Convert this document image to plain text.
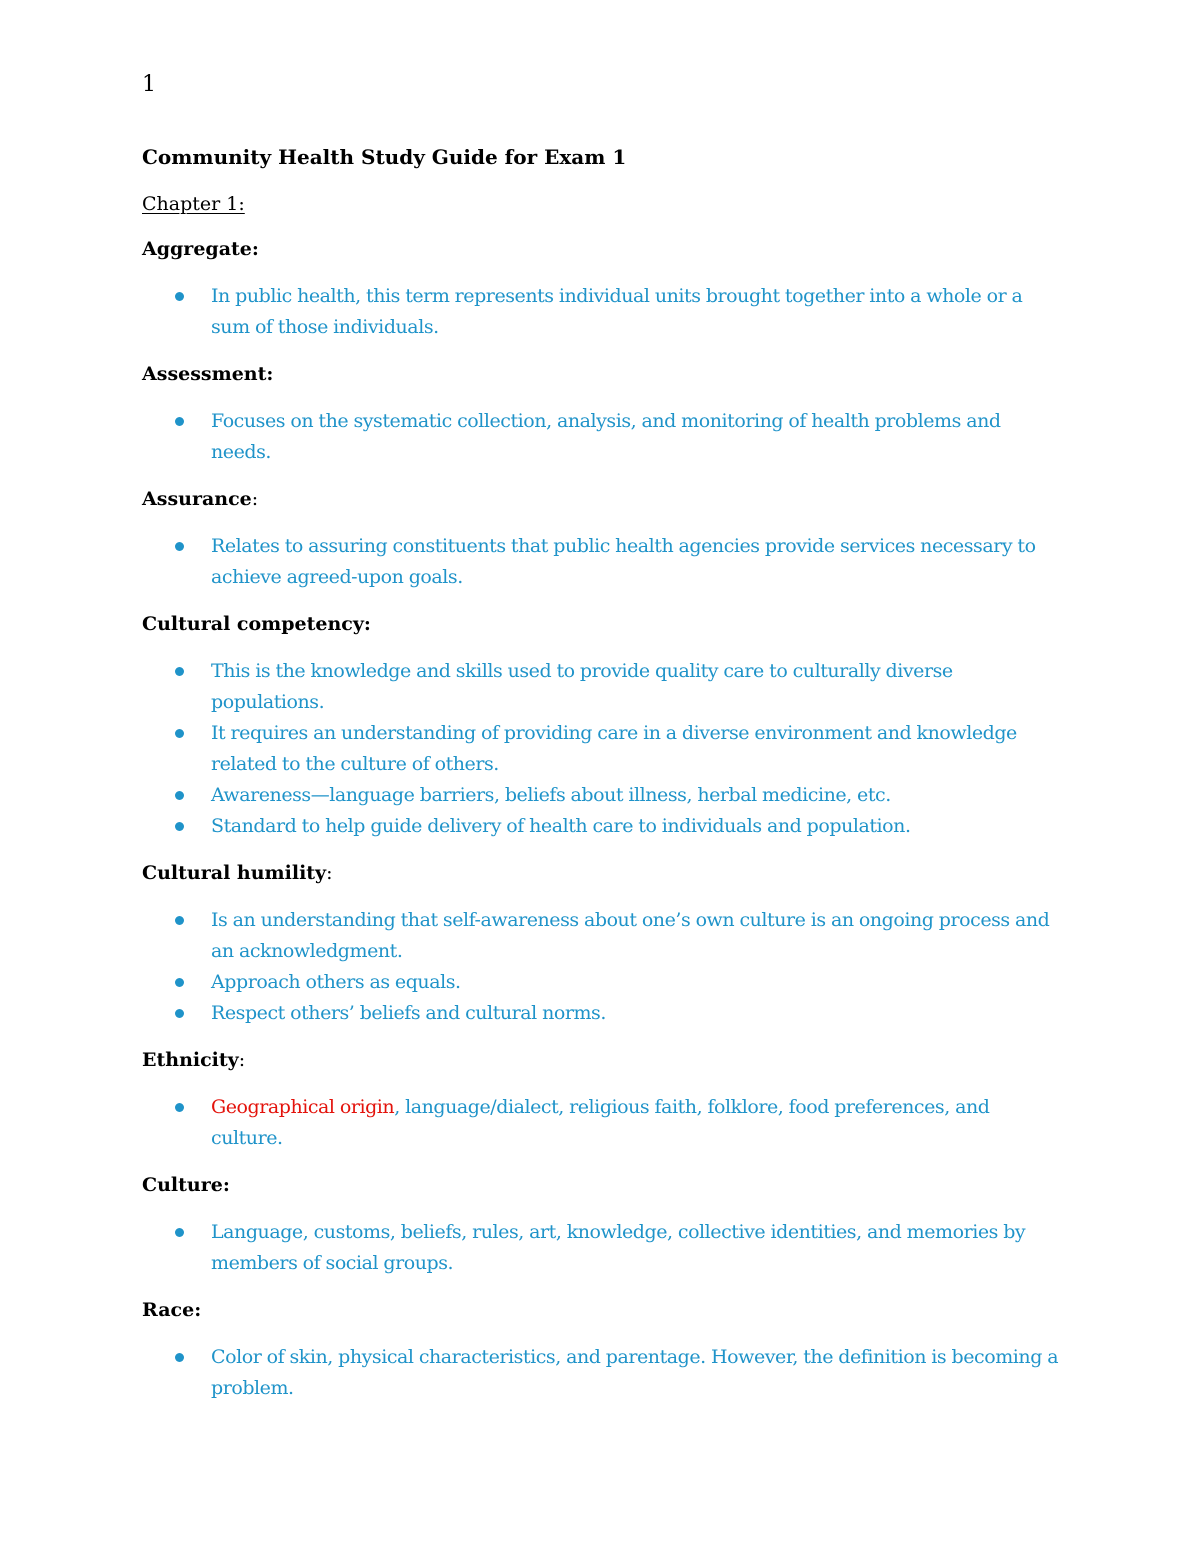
1
Community Health Study Guide for Exam 1
Chapter 1:
Aggregate:
In public health, this term represents individual units brought together into a whole or a sum of those individuals.
Assessment:
Focuses on the systematic collection, analysis, and monitoring of health problems and needs.
Assurance:
Relates to assuring constituents that public health agencies provide services necessary to achieve agreed-upon goals.
Cultural competency:
This is the knowledge and skills used to provide quality care to culturally diverse populations.
It requires an understanding of providing care in a diverse environment and knowledge related to the culture of others.
Awareness—language barriers, beliefs about illness, herbal medicine, etc.
Standard to help guide delivery of health care to individuals and population.
Cultural humility:
Is an understanding that self-awareness about one’s own culture is an ongoing process and an acknowledgment.
Approach others as equals.
Respect others’ beliefs and cultural norms.
Ethnicity:
Geographical origin, language/dialect, religious faith, folklore, food preferences, and culture.
Culture:
Language, customs, beliefs, rules, art, knowledge, collective identities, and memories by members of social groups.
Race:
Color of skin, physical characteristics, and parentage. However, the definition is becoming a problem.
